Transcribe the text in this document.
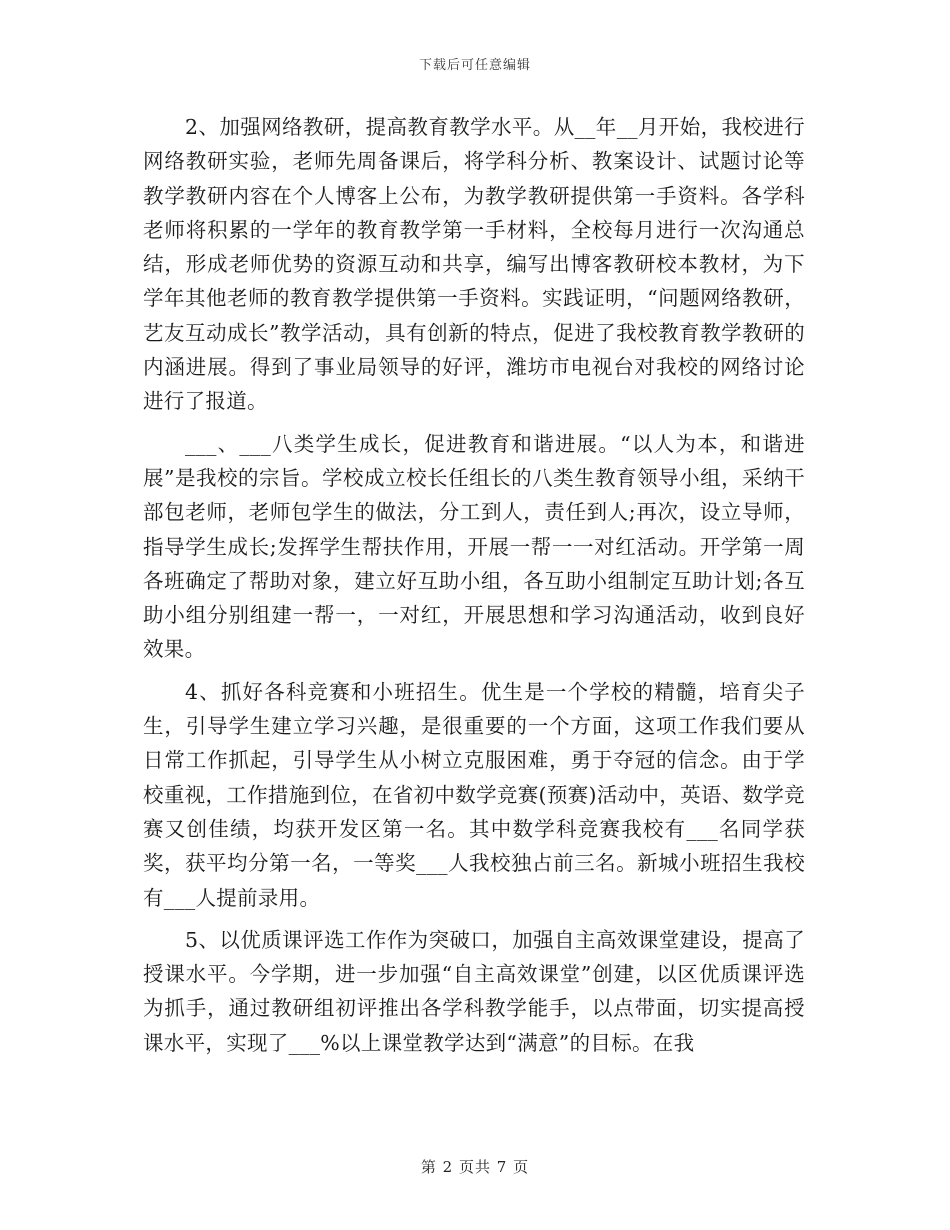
下载后可任意编辑

2、加强网络教研，提高教育教学水平。从__年__月开始，我校进行网络教研实验，老师先周备课后，将学科分析、教案设计、试题讨论等教学教研内容在个人博客上公布，为教学教研提供第一手资料。各学科老师将积累的一学年的教育教学第一手材料，全校每月进行一次沟通总结，形成老师优势的资源互动和共享，编写出博客教研校本教材，为下学年其他老师的教育教学提供第一手资料。实践证明，“问题网络教研，艺友互动成长”教学活动，具有创新的特点，促进了我校教育教学教研的内涵进展。得到了事业局领导的好评，潍坊市电视台对我校的网络讨论进行了报道。

___、___八类学生成长，促进教育和谐进展。“以人为本，和谐进展”是我校的宗旨。学校成立校长任组长的八类生教育领导小组，采纳干部包老师，老师包学生的做法，分工到人，责任到人;再次，设立导师，指导学生成长;发挥学生帮扶作用，开展一帮一一对红活动。开学第一周各班确定了帮助对象，建立好互助小组，各互助小组制定互助计划;各互助小组分别组建一帮一，一对红，开展思想和学习沟通活动，收到良好效果。

4、抓好各科竞赛和小班招生。优生是一个学校的精髓，培育尖子生，引导学生建立学习兴趣，是很重要的一个方面，这项工作我们要从日常工作抓起，引导学生从小树立克服困难，勇于夺冠的信念。由于学校重视，工作措施到位，在省初中数学竞赛(预赛)活动中，英语、数学竞赛又创佳绩，均获开发区第一名。其中数学科竞赛我校有___名同学获奖，获平均分第一名，一等奖___人我校独占前三名。新城小班招生我校有___人提前录用。

5、以优质课评选工作作为突破口，加强自主高效课堂建设，提高了授课水平。今学期，进一步加强“自主高效课堂”创建，以区优质课评选为抓手，通过教研组初评推出各学科教学能手，以点带面，切实提高授课水平，实现了___%以上课堂教学达到“满意”的目标。在我

第 2 页共 7 页
